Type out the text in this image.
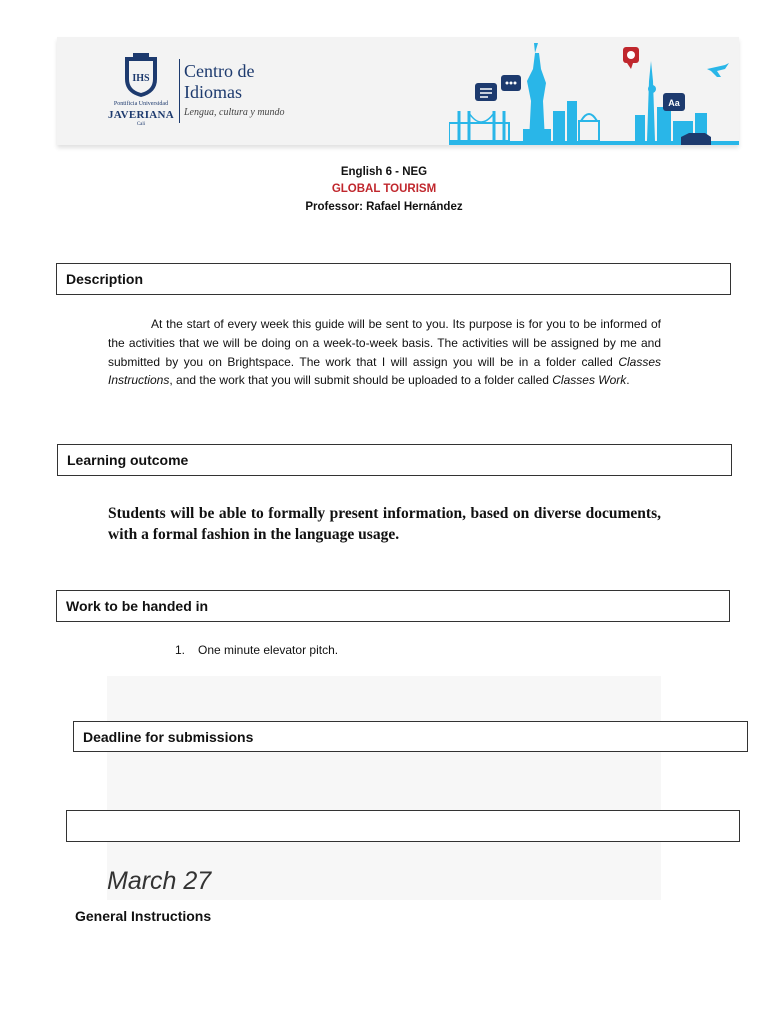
IHS
Pontificia Universidad
JAVERIANA
Cali
Centro de
Idiomas
Lengua, cultura y mundo
Aa
English 6 - NEG
GLOBAL TOURISM
Professor: Rafael Hernández
Description
At the start of every week this guide will be sent to you. Its purpose is for you to be informed of the activities that we will be doing on a week-to-week basis. The activities will be assigned by me and submitted by you on Brightspace. The work that I will assign you will be in a folder called Classes Instructions, and the work that you will submit should be uploaded to a folder called Classes Work.
Learning outcome
Students will be able to formally present information, based on diverse documents, with a formal fashion in the language usage.
Work to be handed in
1. One minute elevator pitch.
Deadline for submissions
March 27
General Instructions
